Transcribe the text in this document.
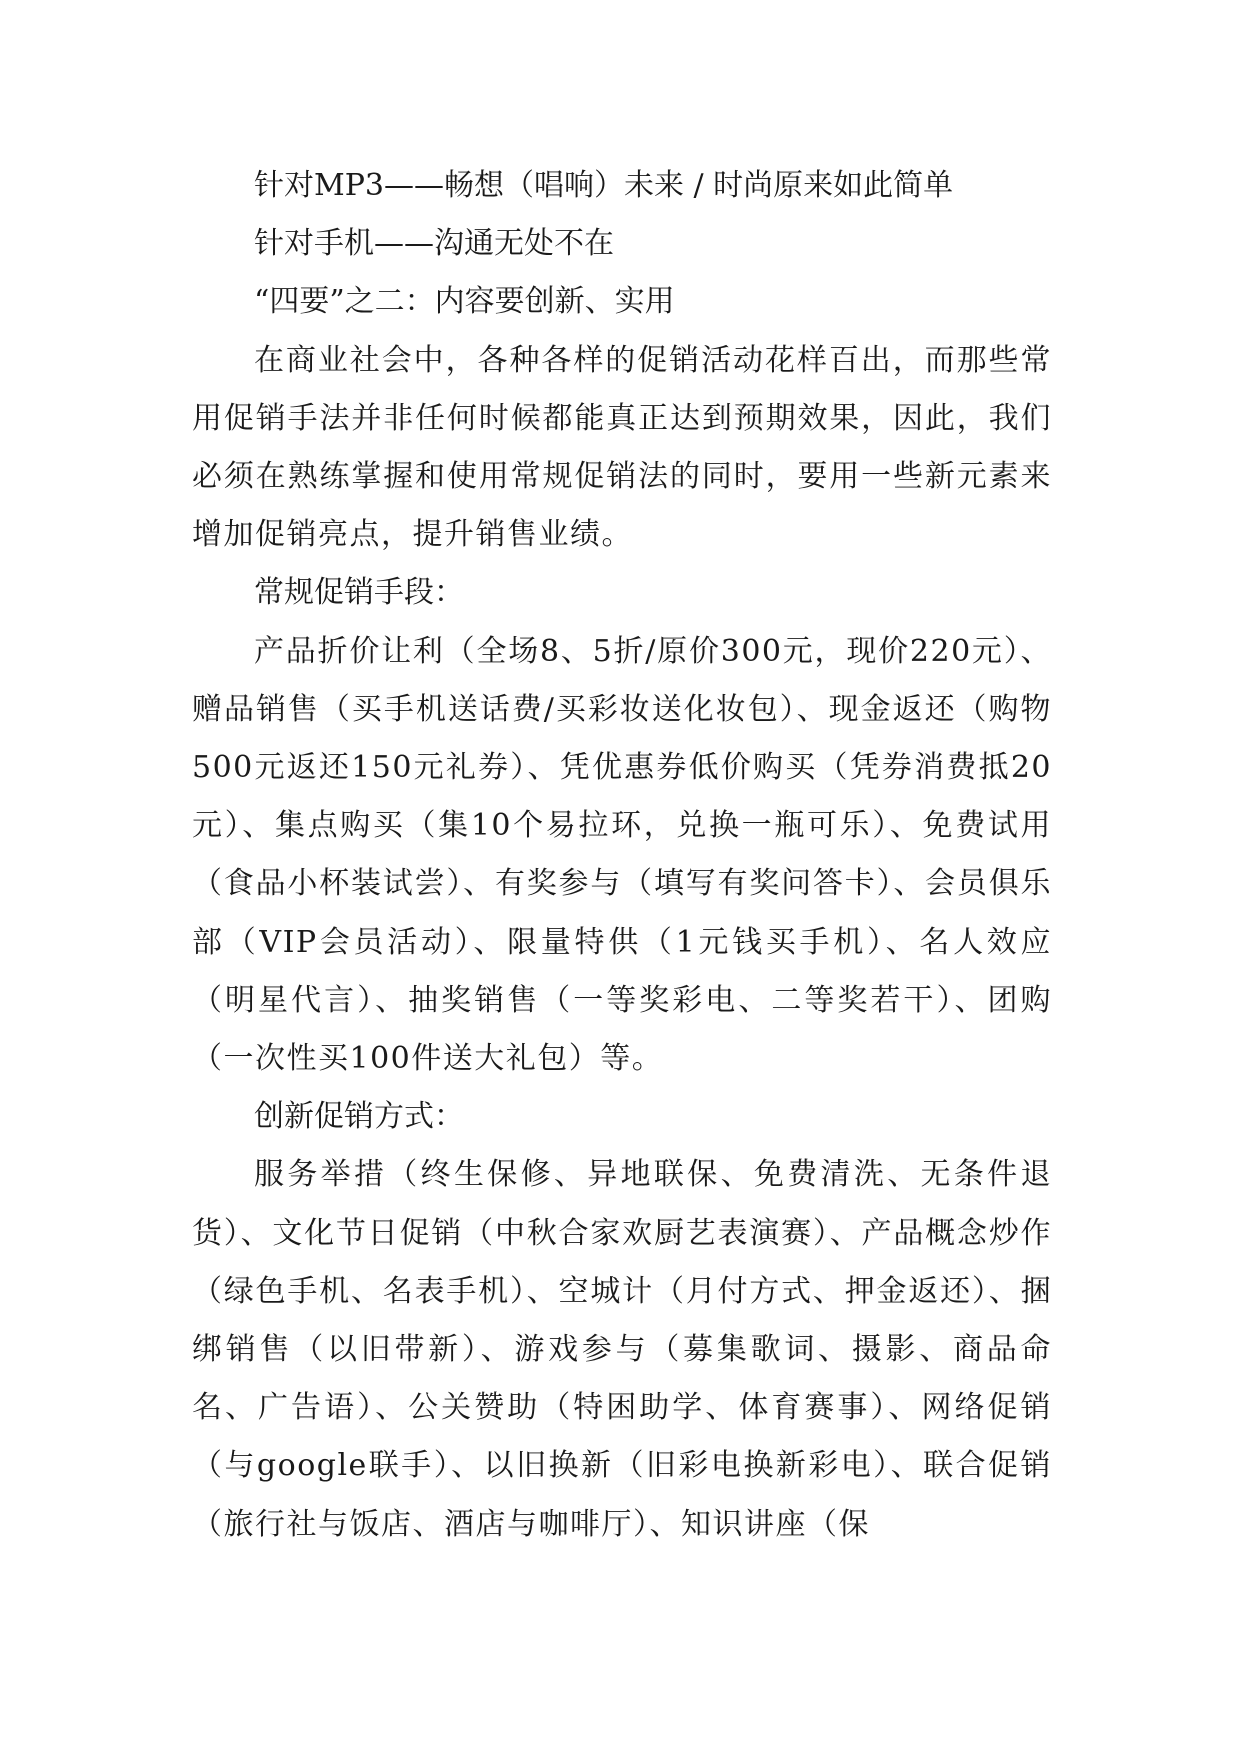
针对MP3——畅想（唱响）未来 / 时尚原来如此简单

针对手机——沟通无处不在

“四要”之二：内容要创新、实用

在商业社会中，各种各样的促销活动花样百出，而那些常用促销手法并非任何时候都能真正达到预期效果，因此，我们必须在熟练掌握和使用常规促销法的同时，要用一些新元素来增加促销亮点，提升销售业绩。

常规促销手段：

产品折价让利（全场8、5折/原价300元，现价220元）、赠品销售（买手机送话费/买彩妆送化妆包）、现金返还（购物500元返还150元礼券）、凭优惠券低价购买（凭券消费抵20元）、集点购买（集10个易拉环，兑换一瓶可乐）、免费试用（食品小杯装试尝）、有奖参与（填写有奖问答卡）、会员俱乐部（VIP会员活动）、限量特供（1元钱买手机）、名人效应（明星代言）、抽奖销售（一等奖彩电、二等奖若干）、团购（一次性买100件送大礼包）等。

创新促销方式：

服务举措（终生保修、异地联保、免费清洗、无条件退货）、文化节日促销（中秋合家欢厨艺表演赛）、产品概念炒作（绿色手机、名表手机）、空城计（月付方式、押金返还）、捆绑销售（以旧带新）、游戏参与（募集歌词、摄影、商品命名、广告语）、公关赞助（特困助学、体育赛事）、网络促销（与google联手）、以旧换新（旧彩电换新彩电）、联合促销（旅行社与饭店、酒店与咖啡厅）、知识讲座（保
